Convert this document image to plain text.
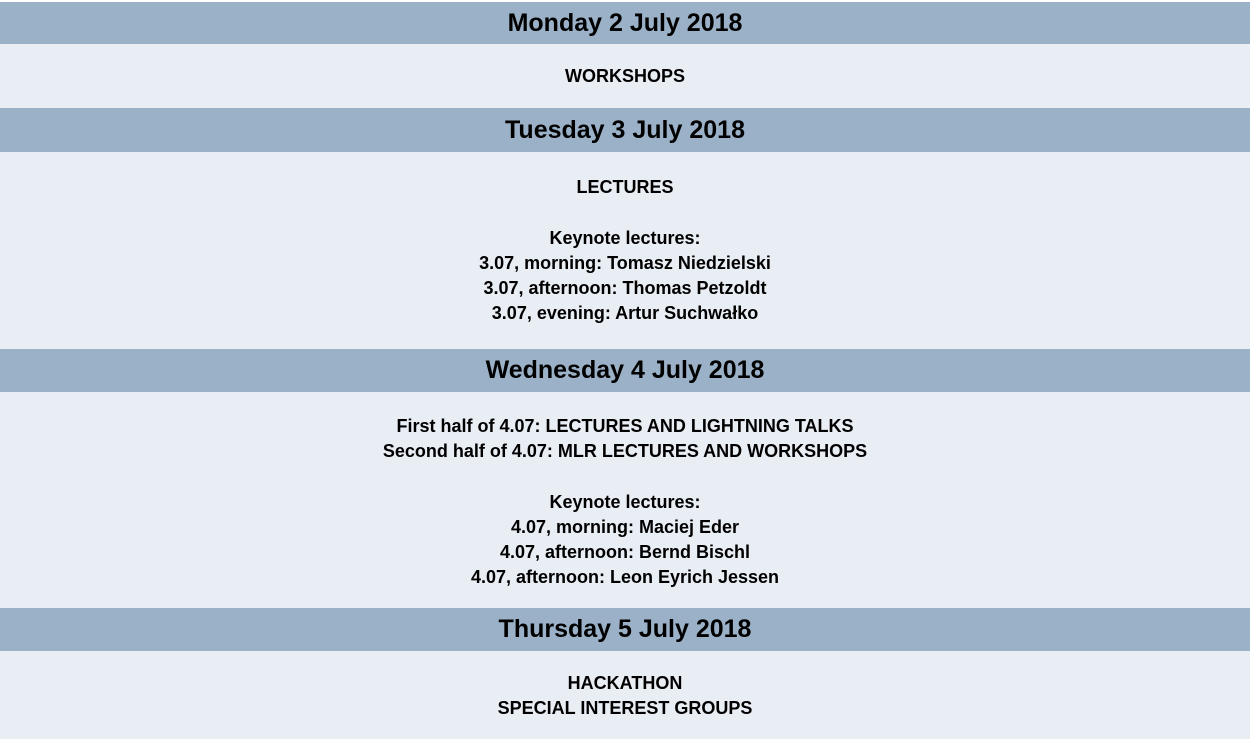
Monday 2 July 2018
WORKSHOPS
Tuesday 3 July 2018
LECTURES
Keynote lectures:
3.07, morning: Tomasz Niedzielski
3.07, afternoon: Thomas Petzoldt
3.07, evening: Artur Suchwałko
Wednesday 4 July 2018
First half of 4.07: LECTURES AND LIGHTNING TALKS
Second half of 4.07: MLR LECTURES AND WORKSHOPS
Keynote lectures:
4.07, morning: Maciej Eder
4.07, afternoon: Bernd Bischl
4.07, afternoon: Leon Eyrich Jessen
Thursday 5 July 2018
HACKATHON
SPECIAL INTEREST GROUPS
